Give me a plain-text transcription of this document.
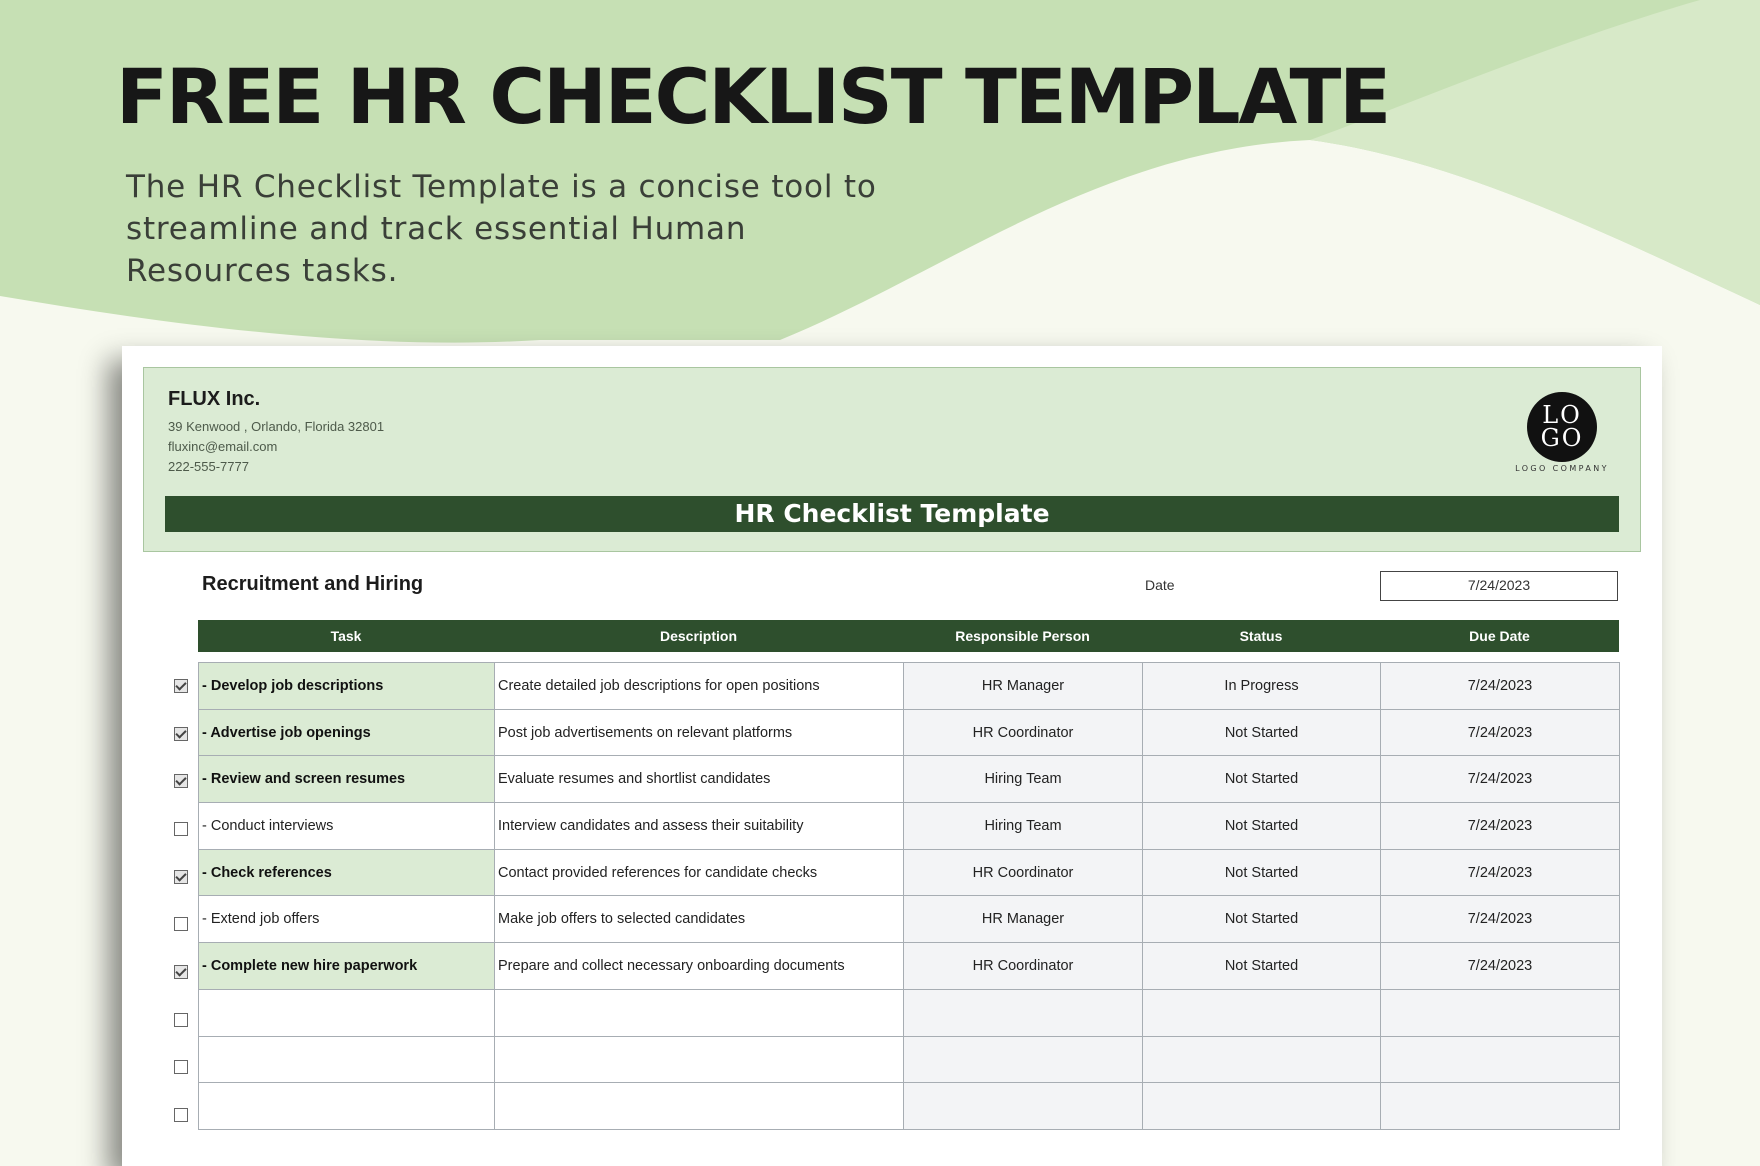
FREE HR CHECKLIST TEMPLATE

The HR Checklist Template is a concise tool to streamline and track essential Human Resources tasks.

FLUX Inc.
39 Kenwood , Orlando, Florida 32801
fluxinc@email.com
222-555-7777
LO
GO
LOGO COMPANY
HR Checklist Template
Recruitment and Hiring	Date	7/24/2023
Task	Description	Responsible Person	Status	Due Date
- Develop job descriptions	Create detailed job descriptions for open positions	HR Manager	In Progress	7/24/2023
- Advertise job openings	Post job advertisements on relevant platforms	HR Coordinator	Not Started	7/24/2023
- Review and screen resumes	Evaluate resumes and shortlist candidates	Hiring Team	Not Started	7/24/2023
- Conduct interviews	Interview candidates and assess their suitability	Hiring Team	Not Started	7/24/2023
- Check references	Contact provided references for candidate checks	HR Coordinator	Not Started	7/24/2023
- Extend job offers	Make job offers to selected candidates	HR Manager	Not Started	7/24/2023
- Complete new hire paperwork	Prepare and collect necessary onboarding documents	HR Coordinator	Not Started	7/24/2023
